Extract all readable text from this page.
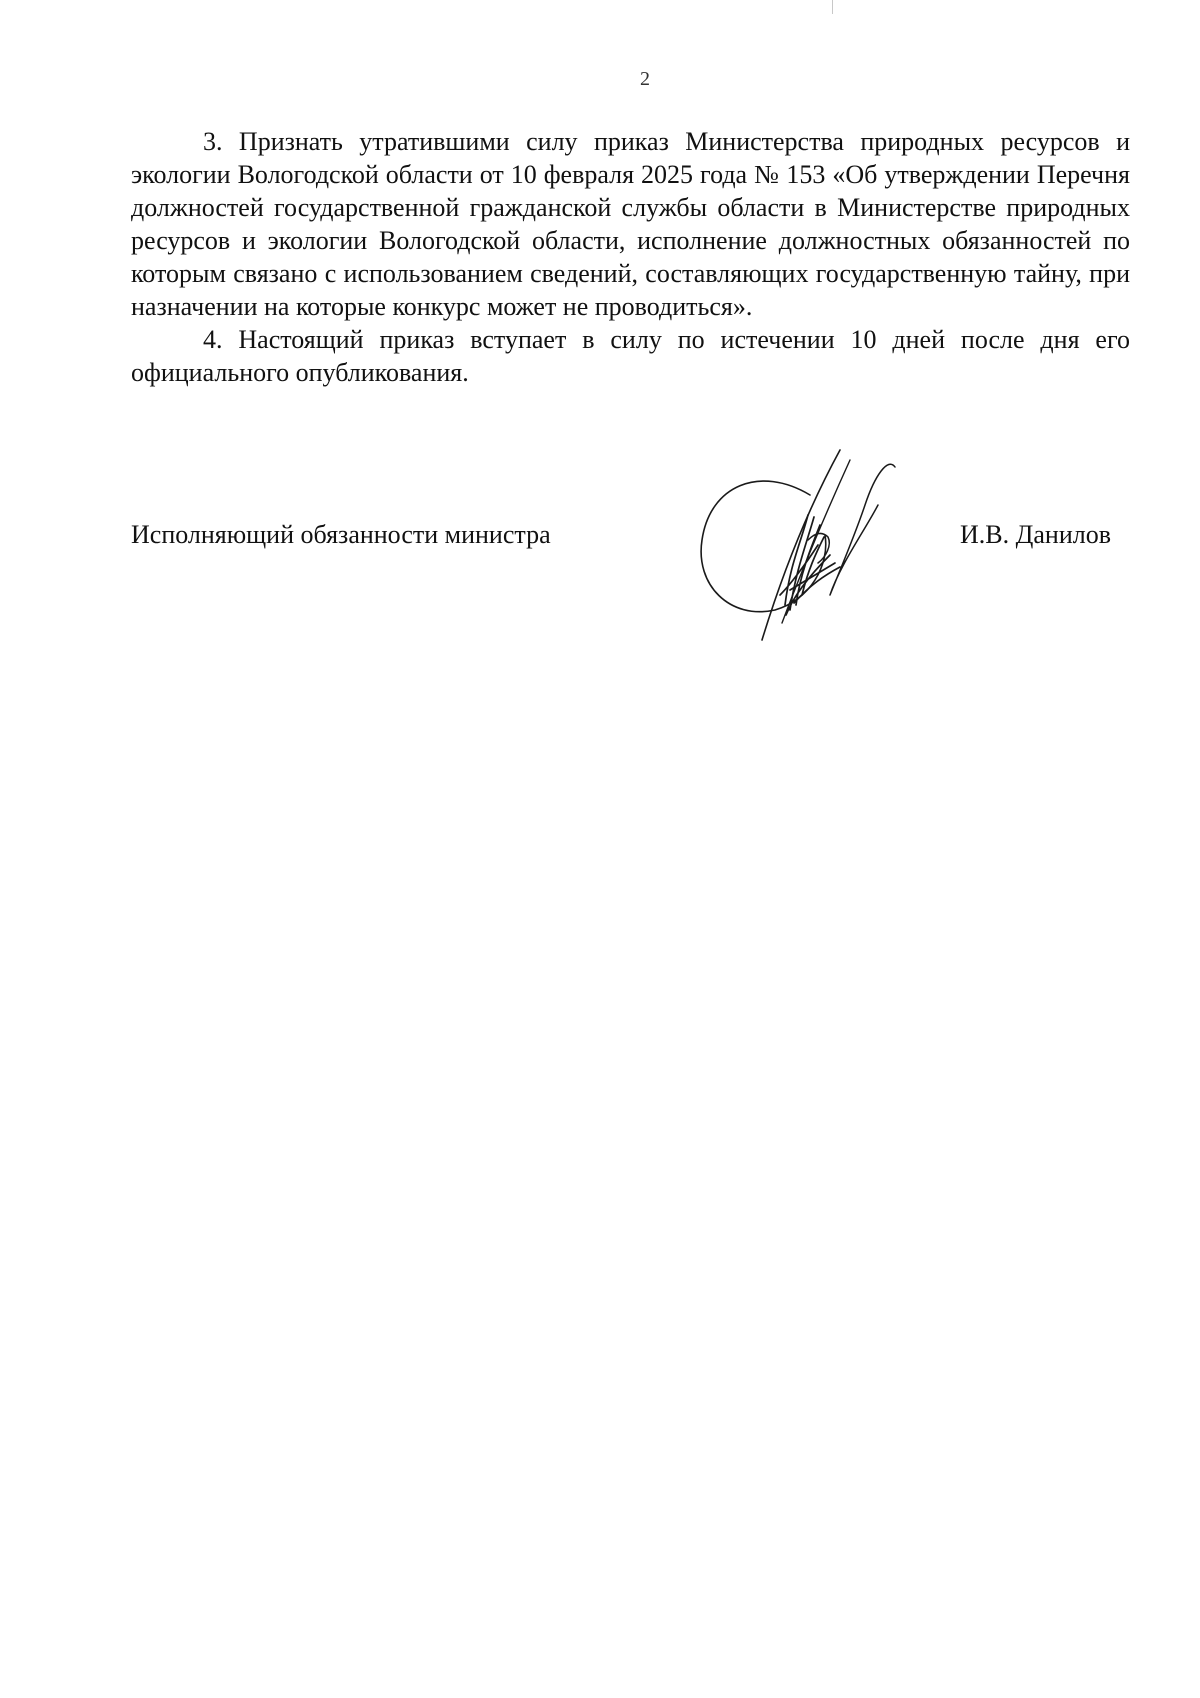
2

3. Признать утратившими силу приказ Министерства природных ресурсов и экологии Вологодской области от 10 февраля 2025 года № 153 «Об утверждении Перечня должностей государственной гражданской службы области в Министерстве природных ресурсов и экологии Вологодской области, исполнение должностных обязанностей по которым связано с использованием сведений, составляющих государственную тайну, при назначении на которые конкурс может не проводиться».

4. Настоящий приказ вступает в силу по истечении 10 дней после дня его официального опубликования.

Исполняющий обязанности министра	И.В. Данилов
